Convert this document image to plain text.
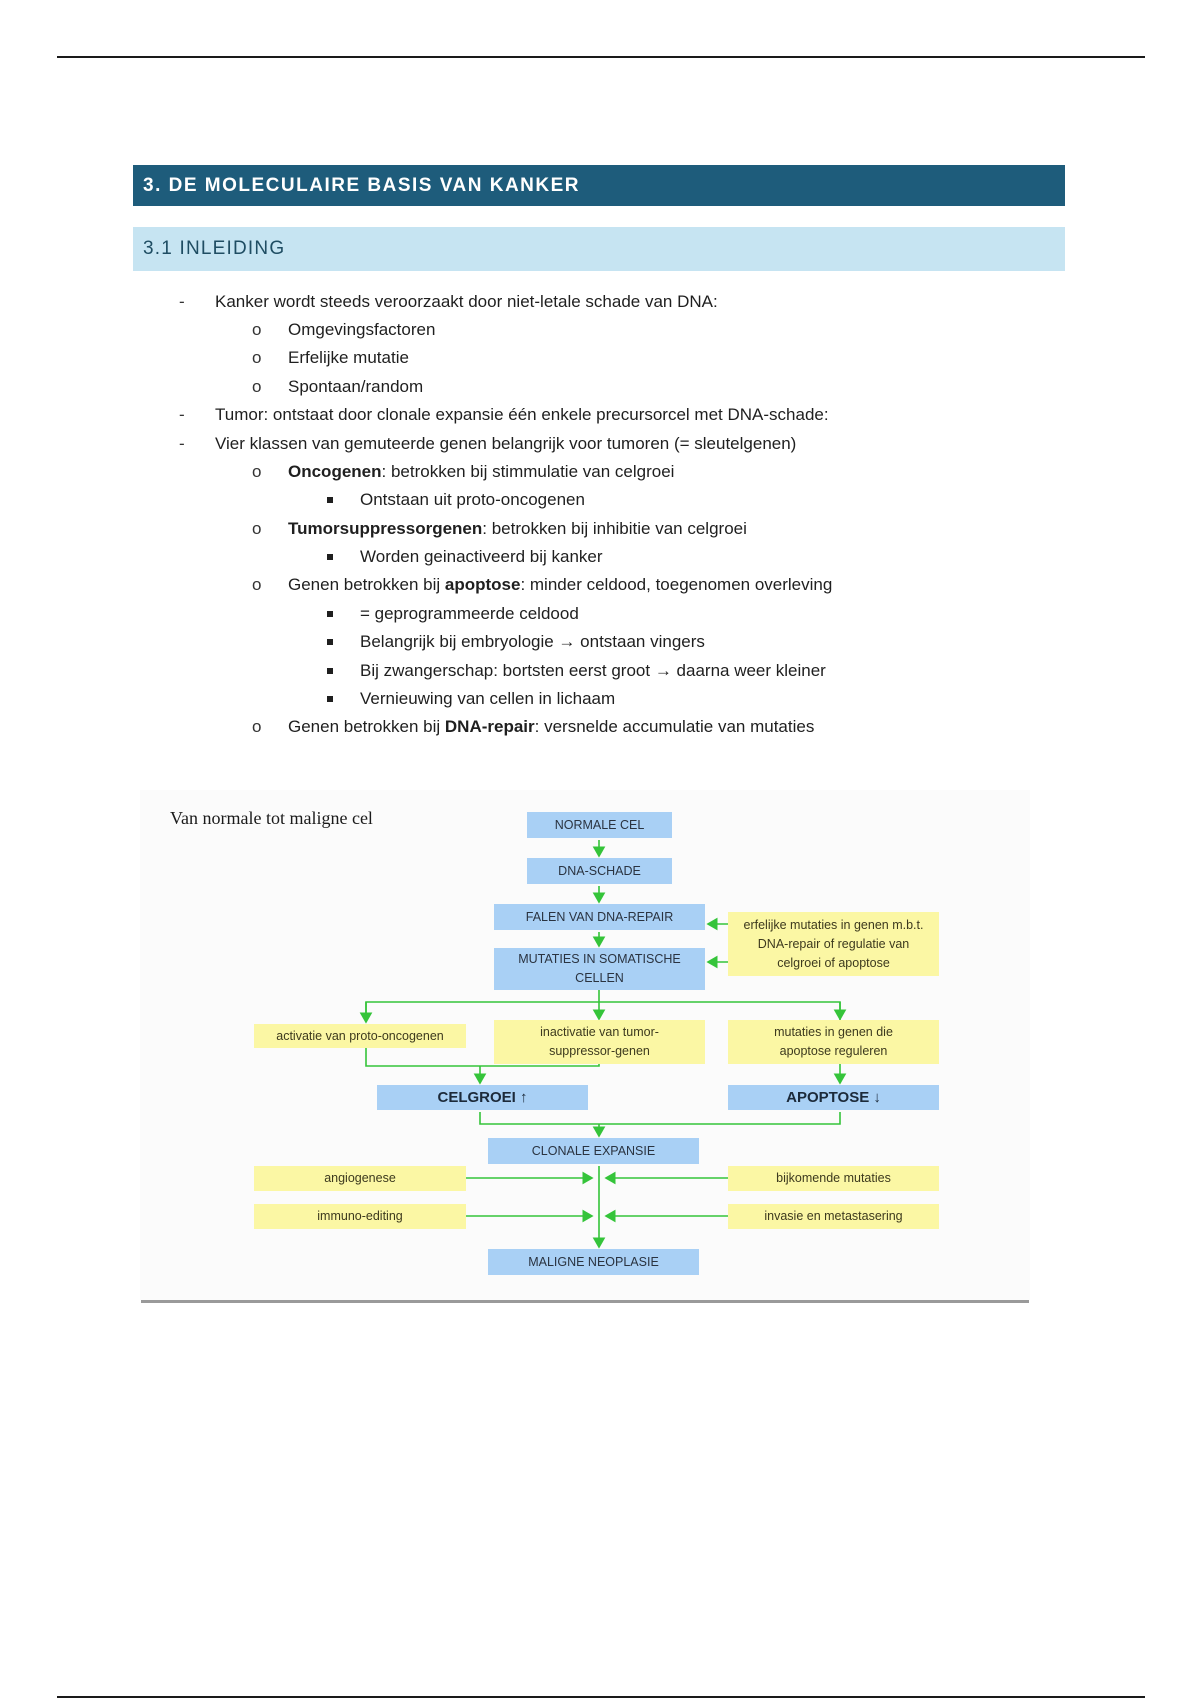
3. DE MOLECULAIRE BASIS VAN KANKER
3.1 INLEIDING
- Kanker wordt steeds veroorzaakt door niet-letale schade van DNA:
o Omgevingsfactoren
o Erfelijke mutatie
o Spontaan/random
- Tumor: ontstaat door clonale expansie één enkele precursorcel met DNA-schade:
- Vier klassen van gemuteerde genen belangrijk voor tumoren (= sleutelgenen)
o Oncogenen: betrokken bij stimmulatie van celgroei
Ontstaan uit proto-oncogenen
o Tumorsuppressorgenen: betrokken bij inhibitie van celgroei
Worden geinactiveerd bij kanker
o Genen betrokken bij apoptose: minder celdood, toegenomen overleving
= geprogrammeerde celdood
Belangrijk bij embryologie → ontstaan vingers
Bij zwangerschap: bortsten eerst groot → daarna weer kleiner
Vernieuwing van cellen in lichaam
o Genen betrokken bij DNA-repair: versnelde accumulatie van mutaties
Van normale tot maligne cel	NORMALE CEL
DNA-SCHADE
FALEN VAN DNA-REPAIR
MUTATIES IN SOMATISCHE CELLEN
erfelijke mutaties in genen m.b.t. DNA-repair of regulatie van celgroei of apoptose
activatie van proto-oncogenen	inactivatie van tumor-suppressor-genen
mutaties in genen die apoptose reguleren
CELGROEI ↑	APOPTOSE ↓
CLONALE EXPANSIE
angiogenese
immuno-editing
bijkomende mutaties
invasie en metastasering
MALIGNE NEOPLASIE
